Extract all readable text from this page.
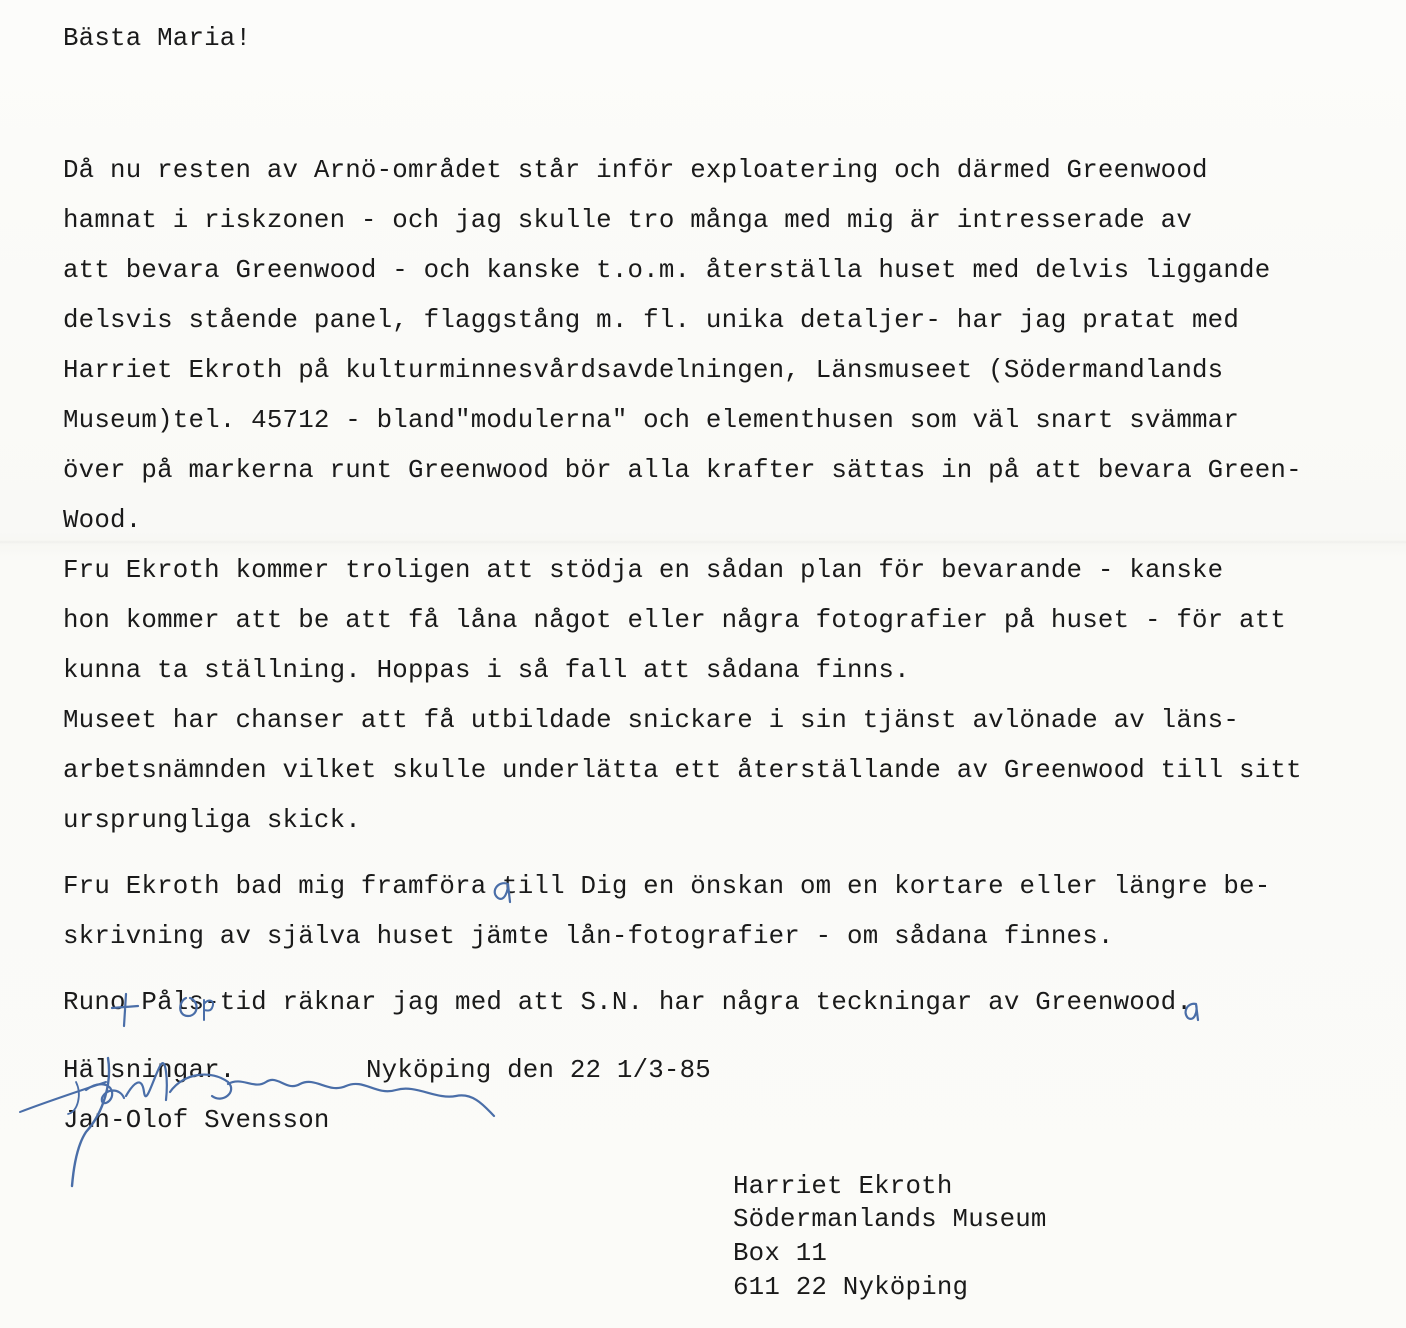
Bästa Maria!
Då nu resten av Arnö-området står inför exploatering och därmed Greenwood
hamnat i riskzonen - och jag skulle tro många med mig är intresserade av
att bevara Greenwood - och kanske t.o.m. återställa huset med delvis liggande
delsvis stående panel, flaggstång m. fl. unika detaljer- har jag pratat med
Harriet Ekroth på kulturminnesvårdsavdelningen, Länsmuseet (Södermandlands
Museum)tel. 45712 - bland"modulerna" och elementhusen som väl snart svämmar
över på markerna runt Greenwood bör alla krafter sättas in på att bevara Green-
Wood.
Fru Ekroth kommer troligen att stödja en sådan plan för bevarande - kanske
hon kommer att be att få låna något eller några fotografier på huset - för att
kunna ta ställning. Hoppas i så fall att sådana finns.
Museet har chanser att få utbildade snickare i sin tjänst avlönade av läns-
arbetsnämnden vilket skulle underlätta ett återställande av Greenwood till sitt
ursprungliga skick.
Fru Ekroth bad mig framföra till Dig en önskan om en kortare eller längre be-
skrivning av själva huset jämte lån-fotografier - om sådana finnes.
Runo Påls-tid räknar jag med att S.N. har några teckningar av Greenwood.
Hälsningar.	Nyköping den 22 1/3-85
Jan-Olof Svensson
Harriet Ekroth
Södermanlands Museum
Box 11
611 22 Nyköping
